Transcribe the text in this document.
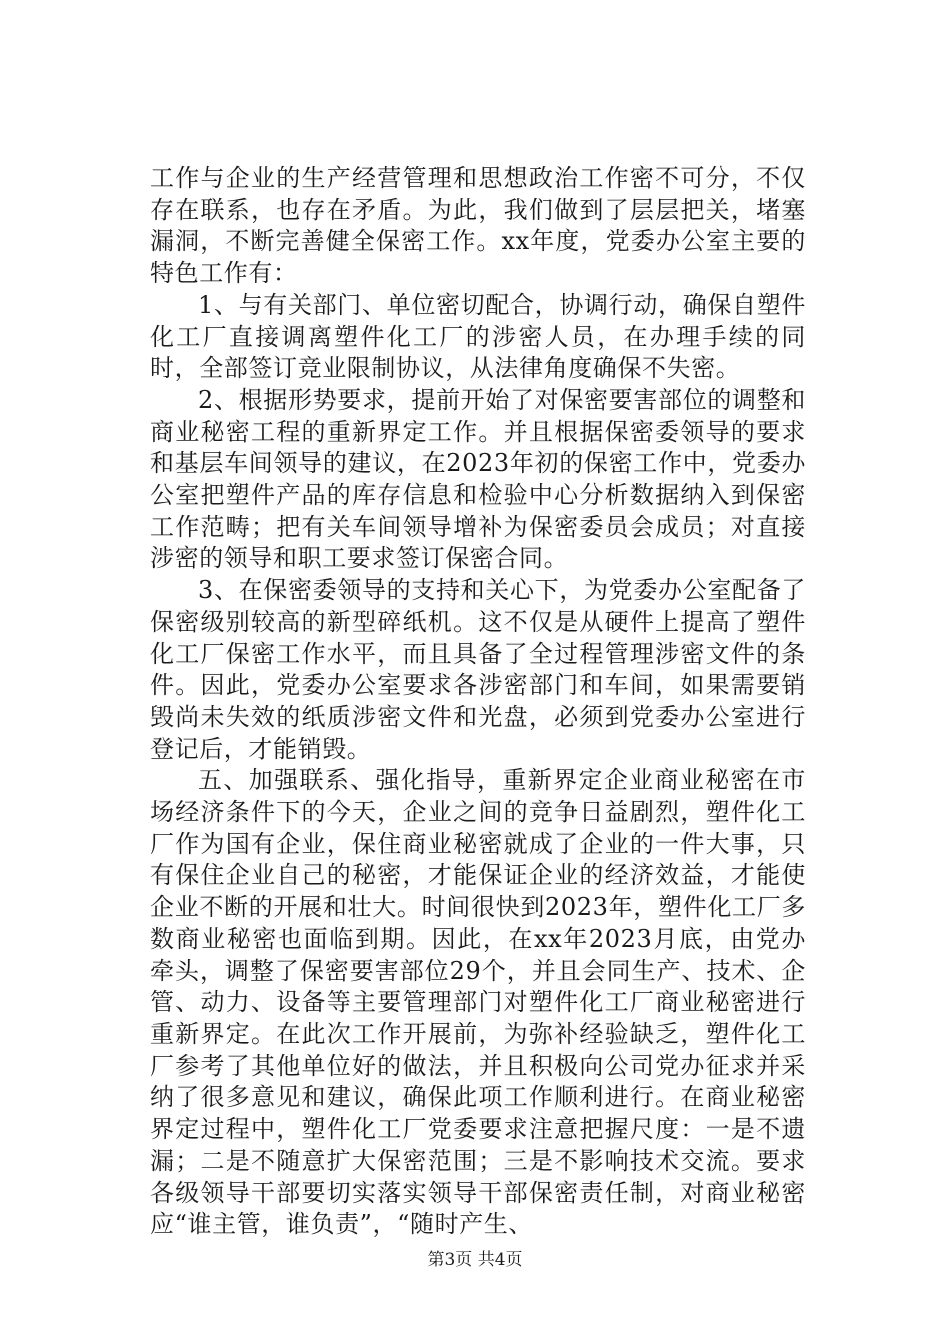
工作与企业的生产经营管理和思想政治工作密不可分，不仅存在联系，也存在矛盾。为此，我们做到了层层把关，堵塞漏洞，不断完善健全保密工作。xx年度，党委办公室主要的特色工作有：

1、与有关部门、单位密切配合，协调行动，确保自塑件化工厂直接调离塑件化工厂的涉密人员，在办理手续的同时，全部签订竞业限制协议，从法律角度确保不失密。

2、根据形势要求，提前开始了对保密要害部位的调整和商业秘密工程的重新界定工作。并且根据保密委领导的要求和基层车间领导的建议，在2023年初的保密工作中，党委办公室把塑件产品的库存信息和检验中心分析数据纳入到保密工作范畴；把有关车间领导增补为保密委员会成员；对直接涉密的领导和职工要求签订保密合同。

3、在保密委领导的支持和关心下，为党委办公室配备了保密级别较高的新型碎纸机。这不仅是从硬件上提高了塑件化工厂保密工作水平，而且具备了全过程管理涉密文件的条件。因此，党委办公室要求各涉密部门和车间，如果需要销毁尚未失效的纸质涉密文件和光盘，必须到党委办公室进行登记后，才能销毁。

五、加强联系、强化指导，重新界定企业商业秘密在市场经济条件下的今天，企业之间的竞争日益剧烈，塑件化工厂作为国有企业，保住商业秘密就成了企业的一件大事，只有保住企业自己的秘密，才能保证企业的经济效益，才能使企业不断的开展和壮大。时间很快到2023年，塑件化工厂多数商业秘密也面临到期。因此，在xx年2023月底，由党办牵头，调整了保密要害部位29个，并且会同生产、技术、企管、动力、设备等主要管理部门对塑件化工厂商业秘密进行重新界定。在此次工作开展前，为弥补经验缺乏，塑件化工厂参考了其他单位好的做法，并且积极向公司党办征求并采纳了很多意见和建议，确保此项工作顺利进行。在商业秘密界定过程中，塑件化工厂党委要求注意把握尺度：一是不遗漏；二是不随意扩大保密范围；三是不影响技术交流。要求各级领导干部要切实落实领导干部保密责任制，对商业秘密应“谁主管，谁负责”，“随时产生、

第3页 共4页
